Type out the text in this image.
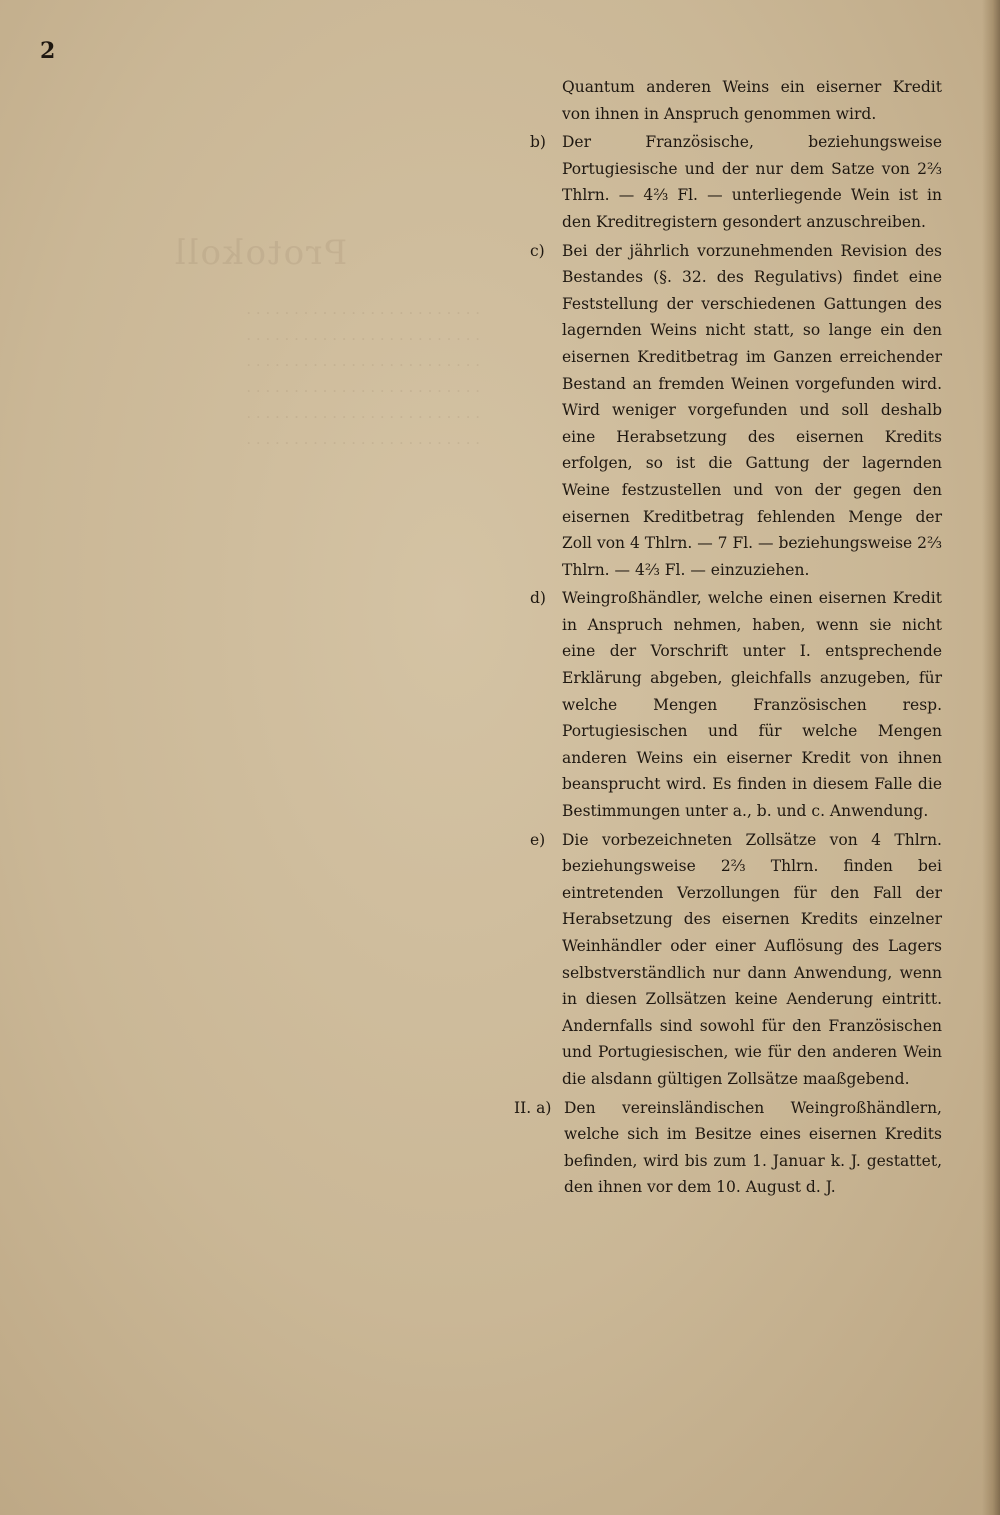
Protokoll
. . . . . . . . . . . . . . . . . . . . . . . . .
. . . . . . . . . . . . . . . . . . . . . . . . .
. . . . . . . . . . . . . . . . . . . . . . . . .
. . . . . . . . . . . . . . . . . . . . . . . . .
. . . . . . . . . . . . . . . . . . . . . . . . .
. . . . . . . . . . . . . . . . . . . . . . . . .
2

Quantum anderen Weins ein eiserner Kredit von ihnen in Anspruch genommen wird.

b)	Der Französische, beziehungsweise Portugiesische und der nur dem Satze von 2⅔ Thlrn. — 4⅔ Fl. — unterliegende Wein ist in den Kreditregistern gesondert anzuschreiben.

c)	Bei der jährlich vorzunehmenden Revision des Bestandes (§. 32. des Regulativs) findet eine Feststellung der verschiedenen Gattungen des lagernden Weins nicht statt, so lange ein den eisernen Kreditbetrag im Ganzen erreichender Bestand an fremden Weinen vorgefunden wird. Wird weniger vorgefunden und soll deshalb eine Herabsetzung des eisernen Kredits erfolgen, so ist die Gattung der lagernden Weine festzustellen und von der gegen den eisernen Kreditbetrag fehlenden Menge der Zoll von 4 Thlrn. — 7 Fl. — beziehungsweise 2⅔ Thlrn. — 4⅔ Fl. — einzuziehen.

d)	Weingroßhändler, welche einen eisernen Kredit in Anspruch nehmen, haben, wenn sie nicht eine der Vorschrift unter I. entsprechende Erklärung abgeben, gleichfalls anzugeben, für welche Mengen Französischen resp. Portugiesischen und für welche Mengen anderen Weins ein eiserner Kredit von ihnen beansprucht wird. Es finden in diesem Falle die Bestimmungen unter a., b. und c. Anwendung.

e)	Die vorbezeichneten Zollsätze von 4 Thlrn. beziehungsweise 2⅔ Thlrn. finden bei eintretenden Verzollungen für den Fall der Herabsetzung des eisernen Kredits einzelner Weinhändler oder einer Auflösung des Lagers selbstverständlich nur dann Anwendung, wenn in diesen Zollsätzen keine Aenderung eintritt. Andernfalls sind sowohl für den Französischen und Portugiesischen, wie für den anderen Wein die alsdann gültigen Zollsätze maaßgebend.

II. a) Den vereinsländischen Weingroßhändlern, welche sich im Besitze eines eisernen Kredits befinden, wird bis zum 1. Januar k. J. gestattet, den ihnen vor dem 10. August d. J.
